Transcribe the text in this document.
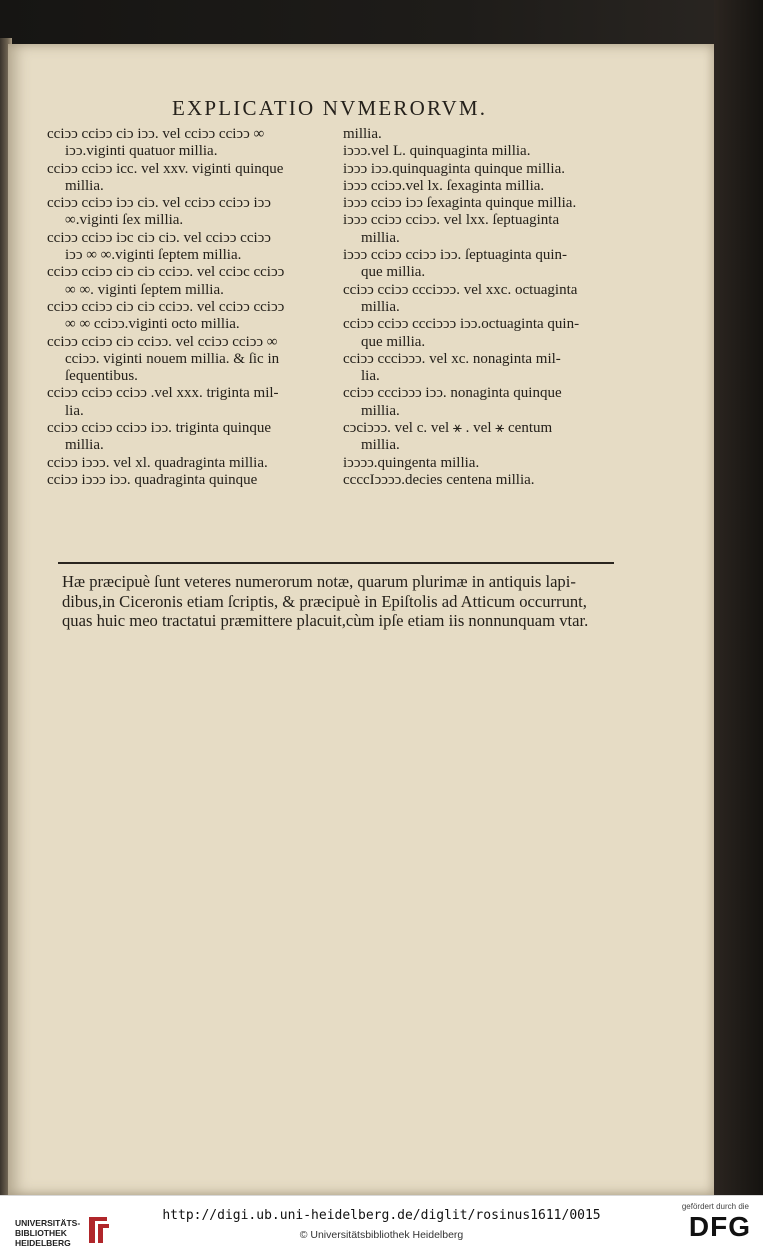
EXPLICATIO NVMERORVM.
cciↄↄ cciↄↄ ciↄ iↄↄ. vel cciↄↄ cciↄↄ ∞
iↄↄ.viginti quatuor millia.
cciↄↄ cciↄↄ icc. vel xxv. viginti quinque
millia.
cciↄↄ cciↄↄ iↄↄ ciↄ. vel cciↄↄ cciↄↄ iↄↄ
∞.viginti ſex millia.
cciↄↄ cciↄↄ iↄc ciↄ ciↄ. vel cciↄↄ cciↄↄ
iↄↄ ∞ ∞.viginti ſeptem millia.
cciↄↄ cciↄↄ ciↄ ciↄ cciↄↄ. vel cciↄc cciↄↄ
∞ ∞. viginti ſeptem millia.
cciↄↄ cciↄↄ ciↄ ciↄ cciↄↄ. vel cciↄↄ cciↄↄ
∞ ∞ cciↄↄ.viginti octo millia.
cciↄↄ cciↄↄ ciↄ cciↄↄ. vel cciↄↄ cciↄↄ ∞
cciↄↄ. viginti nouem millia. & ſic in
ſequentibus.
cciↄↄ cciↄↄ cciↄↄ .vel xxx. triginta mil-
lia.
cciↄↄ cciↄↄ cciↄↄ iↄↄ. triginta quinque
millia.
cciↄↄ iↄↄↄ. vel xl. quadraginta millia.
cciↄↄ iↄↄↄ iↄↄ. quadraginta quinque
millia.
iↄↄↄ.vel L. quinquaginta millia.
iↄↄↄ iↄↄ.quinquaginta quinque millia.
iↄↄↄ cciↄↄ.vel lx. ſexaginta millia.
iↄↄↄ cciↄↄ iↄↄ ſexaginta quinque millia.
iↄↄↄ cciↄↄ cciↄↄ. vel lxx. ſeptuaginta
millia.
iↄↄↄ cciↄↄ cciↄↄ iↄↄ. ſeptuaginta quin-
que millia.
cciↄↄ cciↄↄ ccciↄↄↄ. vel xxc. octuaginta
millia.
cciↄↄ cciↄↄ ccciↄↄↄ iↄↄ.octuaginta quin-
que millia.
cciↄↄ ccciↄↄↄ. vel xc. nonaginta mil-
lia.
cciↄↄ ccciↄↄↄ iↄↄ. nonaginta quinque
millia.
cↄciↄↄↄ. vel c. vel ⚹ . vel ⚹ centum
millia.
iↄↄↄↄ.quingenta millia.
ccccIↄↄↄↄ.decies centena millia.
Hæ præcipuè ſunt veteres numerorum notæ, quarum plurimæ in antiquis lapi-
dibus,in Ciceronis etiam ſcriptis, & præcipuè in Epiſtolis ad Atticum occurrunt,
quas huic meo tractatui præmittere placuit,cùm ipſe etiam iis nonnunquam vtar.
UNIVERSITÄTS-
BIBLIOTHEK
HEIDELBERG
http://digi.ub.uni-heidelberg.de/diglit/rosinus1611/0015
© Universitätsbibliothek Heidelberg
gefördert durch die
DFG
